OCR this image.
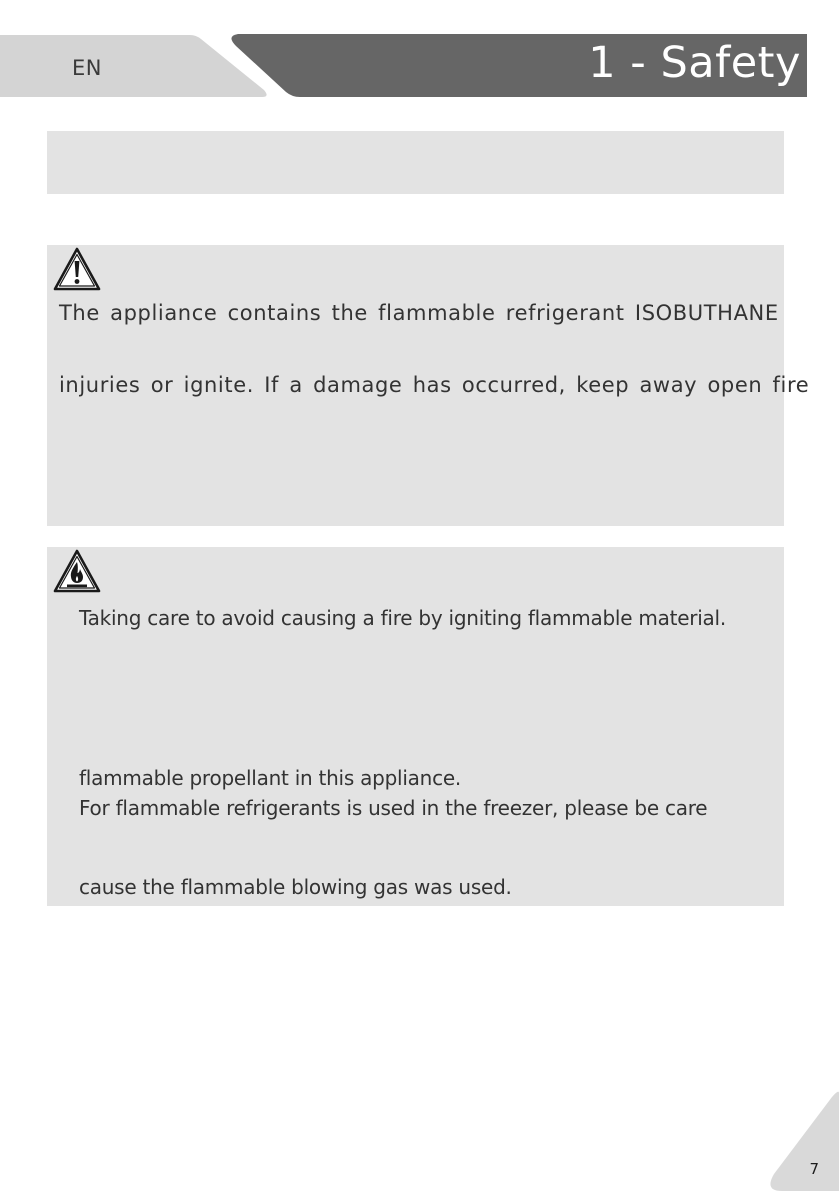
EN	1 - Safety
The appliance contains the flammable refrigerant ISOBUTHANE
injuries or ignite. If a damage has occurred, keep away open fire
Taking care to avoid causing a fire by igniting flammable material.
flammable propellant in this appliance.
For flammable refrigerants is used in the freezer, please be care
cause the flammable blowing gas was used.
7
